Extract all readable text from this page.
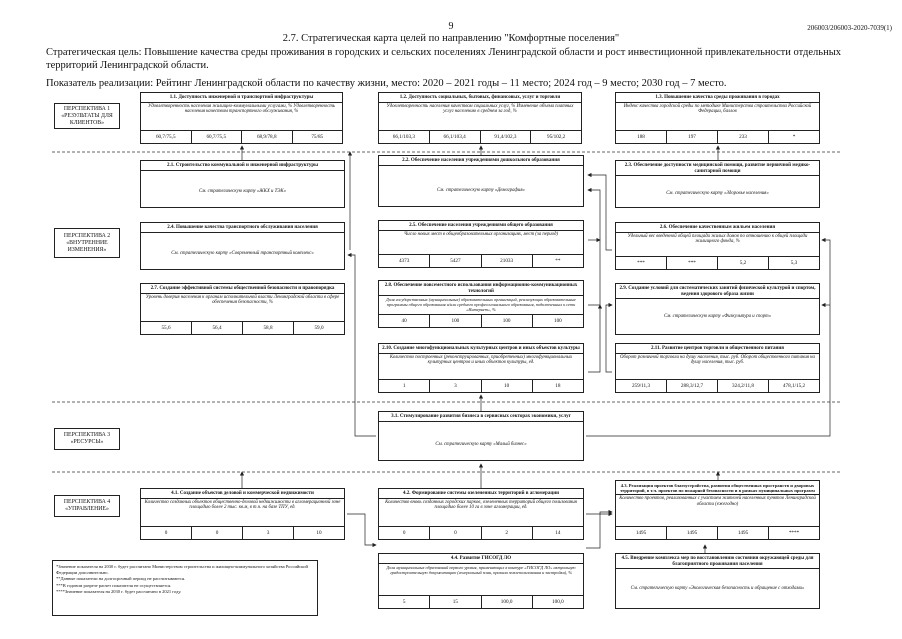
9	206003/206003-2020-7039(1)
2.7. Стратегическая карта целей по направлению "Комфортные поселения"
Стратегическая цель: Повышение качества среды проживания в городских и сельских поселениях Ленинградской области и рост инвестиционной привлекательности отдельных территорий Ленинградской области.
Показатель реализации: Рейтинг Ленинградской области по качеству жизни, место: 2020 – 2021 годы – 11 место; 2024 год – 9 место; 2030 год – 7 место.
ПЕРСПЕКТИВА 1 «РЕЗУЛЬТАТЫ ДЛЯ КЛИЕНТОВ»
ПЕРСПЕКТИВА 2 «ВНУТРЕННИЕ ИЗМЕНЕНИЯ»
ПЕРСПЕКТИВА 3 «РЕСУРСЫ»
ПЕРСПЕКТИВА 4 «УПРАВЛЕНИЕ»
1.1. Доступность инженерной и транспортной инфраструктуры
Удовлетворенность населения жилищно-коммунальными услугами, % Удовлетворенность населения качеством транспортного обслуживания, %
60,7/75,5	60,7/75,5	68,9/78,8	75/85
1.2. Доступность социальных, бытовых, финансовых, услуг и торговли
Удовлетворенность населения качеством социальных услуг, % Изменение объема платных услуг населению в среднем за год, %
66,1/103,3	66,1/103,4	91,4/102,3	95/102,2
1.3. Повышение качества среды проживания в городах
Индекс качества городской среды по методике Министерства строительства Российской Федерации, баллов
188	197	233	*
2.1. Строительство коммунальной и инженерной инфраструктуры
См. стратегическую карту «ЖКХ и ТЭК»
2.2. Обеспечение населения учреждениями дошкольного образования
См. стратегическую карту «Демография»
2.3. Обеспечение доступности медицинской помощи, развитие первичной медико-санитарной помощи
См. стратегическую карту «Здоровье населения»
2.4. Повышение качества транспортного обслуживания населения
См. стратегическую карту «Современный транспортный комплекс»
2.5. Обеспечение населения учреждениями общего образования
Число новых мест в общеобразовательных организациях, мест (за период)
4373	5427	21033	**
2.6. Обеспечение качественным жильем населения
Удельный вес введенной общей площади жилых домов по отношению к общей площади жилищного фонда, %
***	***	5,2	5,3
2.7. Создание эффективной системы общественной безопасности и правопорядка
Уровень доверия населения к органам исполнительной власти Ленинградской области в сфере обеспечения безопасности, %
55,6	56,4	58,8	59,0
2.8. Обеспечение повсеместного использования информационно-коммуникационных технологий
Доля государственных (муниципальных) образовательных организаций, реализующих образовательные программы общего образования и/или среднего профессионального образования, подключенных к сети «Интернет», %
40	100	100	100
2.9. Создание условий для систематических занятий физической культурой и спортом, ведения здорового образа жизни
См. стратегическую карту «Физкультура и спорт»
2.10. Создание многофункциональных культурных центров и иных объектов культуры
Количество построенных (реконструированных, приобретенных) многофункциональных культурных центров и иных объектов культуры, ед.
1	3	10	18
2.11. Развитие центров торговли и общественного питания
Оборот розничной торговли на душу населения, тыс. руб. Оборот общественного питания на душу населения, тыс. руб.
259/11,3	288,3/12,7	324,2/11,8	478,1/15,2
3.1. Стимулирование развития бизнеса в сервисных секторах экономики, услуг
См. стратегическую карту «Малый бизнес»
4.1. Создание объектов деловой и коммерческой недвижимости
Количество созданных объектов общественно-деловой недвижимости в агломерационной зоне площадью более 2 тыс. кв.м, в т.ч. на базе ТПУ, ед.
0	0	3	10
4.2. Формирование системы озелененных территорий в агломерации
Количество вновь созданных городских парков, озелененных территорий общего пользования площадью более 10 га в зоне агломерации, ед.
0	0	2	14
4.3. Реализация проектов благоустройства, развития общественных пространств и дворовых территорий, в т.ч. проектов по пожарной безопасности и в рамках муниципальных программ
Количество проектов, реализованных с участием жителей населенных пунктов Ленинградской области (ежегодно)
1495	1495	1495	****
4.4. Развитие ГИСОГД ЛО
Доля муниципальных образований первого уровня, применяющих в контуре «ГИСОГД ЛО» актуальную градостроительную документацию (генеральный план, правила землепользования и застройки), %
5	15	100,0	100,0
4.5. Внедрение комплекса мер по восстановлению состояния окружающей среды для благоприятного проживания населения
См. стратегическую карту «Экологическая безопасность и обращение с отходами»
*Значение показателя на 2030 г. будет рассчитано Министерством строительства и жилищно-коммунального хозяйства Российской Федерации дополнительно.
**Данные показатели на долгосрочный период не рассчитываются.
***В годовом разрезе расчет показателя не осуществляется.
****Значение показателя на 2030 г. будет рассчитано в 2021 году.
